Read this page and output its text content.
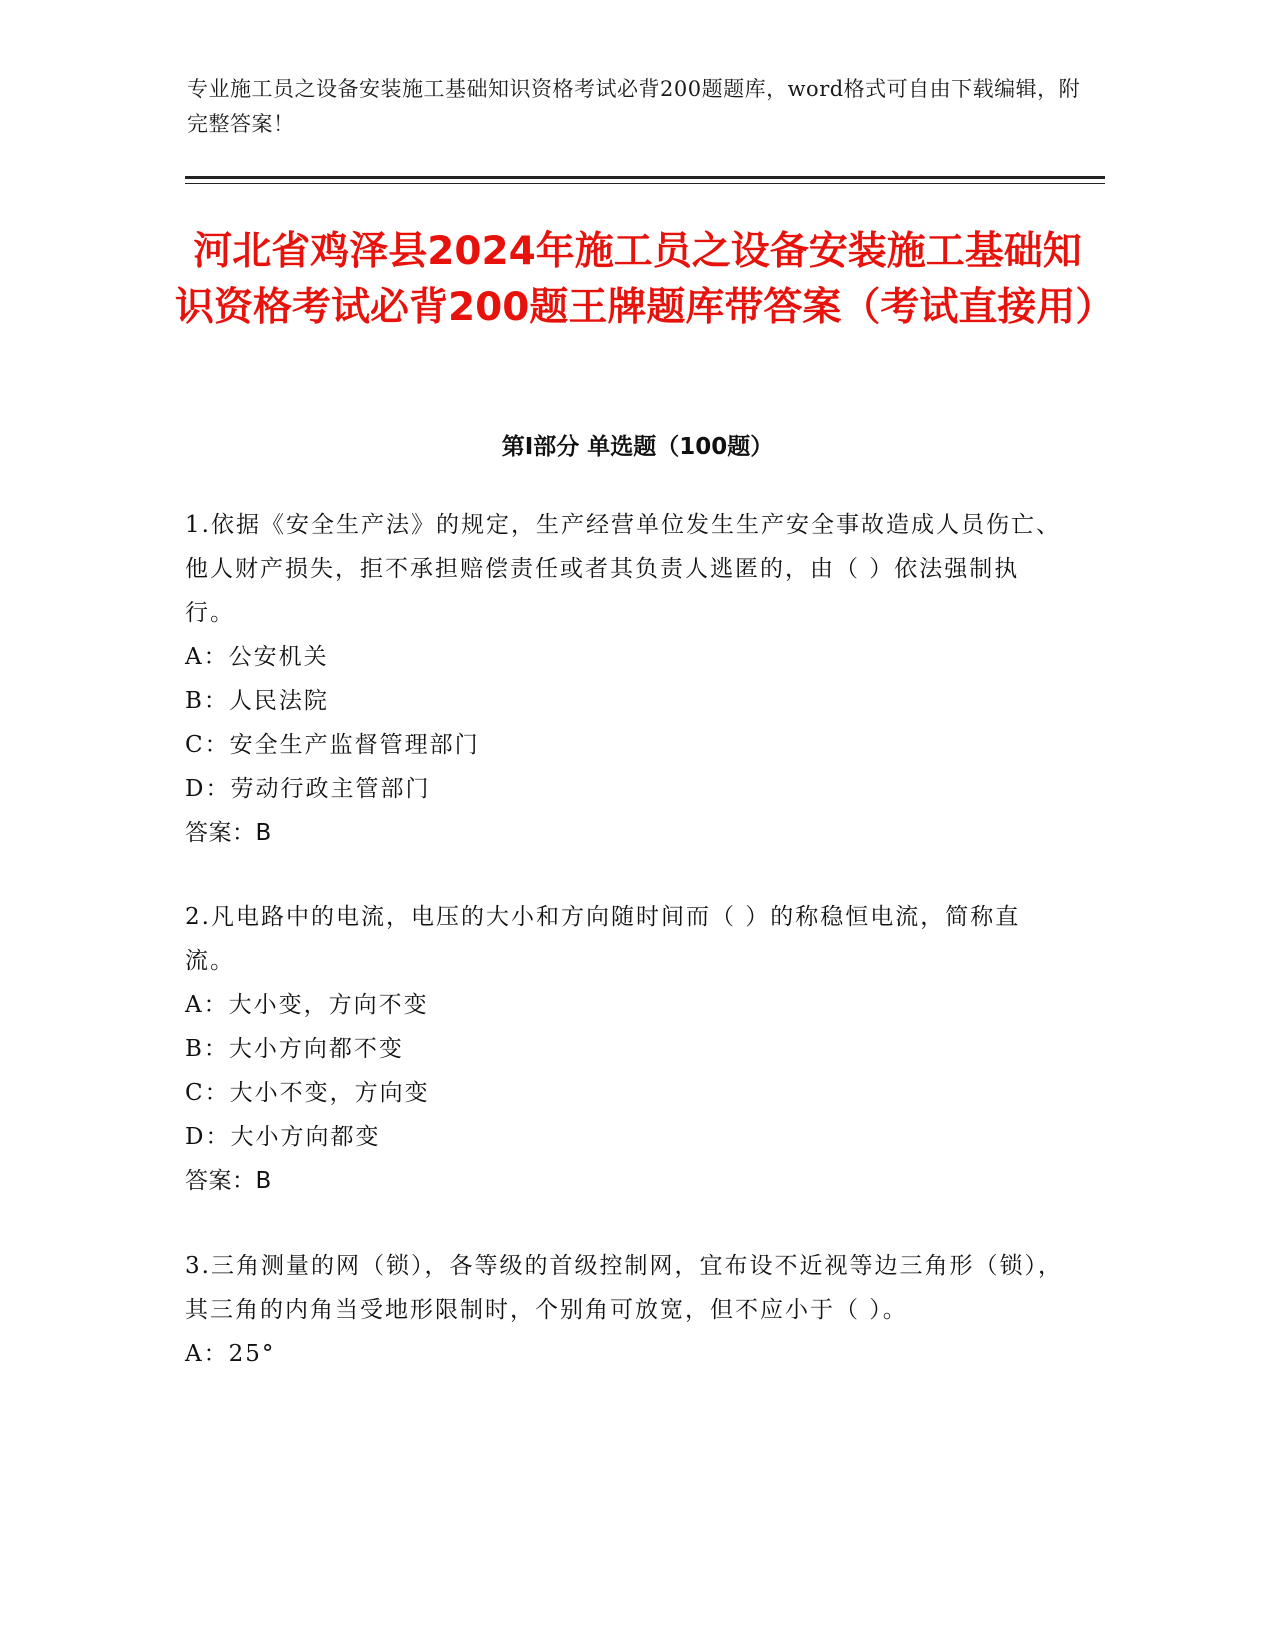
专业施工员之设备安装施工基础知识资格考试必背200题题库，word格式可自由下载编辑，附完整答案！
河北省鸡泽县2024年施工员之设备安装施工基础知识资格考试必背200题王牌题库带答案（考试直接用）
第Ⅰ部分 单选题（100题）
1.依据《安全生产法》的规定，生产经营单位发生生产安全事故造成人员伤亡、他人财产损失，拒不承担赔偿责任或者其负责人逃匿的，由（ ）依法强制执行。
A：公安机关
B：人民法院
C：安全生产监督管理部门
D：劳动行政主管部门
答案：B
2.凡电路中的电流，电压的大小和方向随时间而（ ）的称稳恒电流，简称直流。
A：大小变，方向不变
B：大小方向都不变
C：大小不变，方向变
D：大小方向都变
答案：B
3.三角测量的网（锁），各等级的首级控制网，宜布设不近视等边三角形（锁），其三角的内角当受地形限制时，个别角可放宽，但不应小于（ ）。
A：25°
